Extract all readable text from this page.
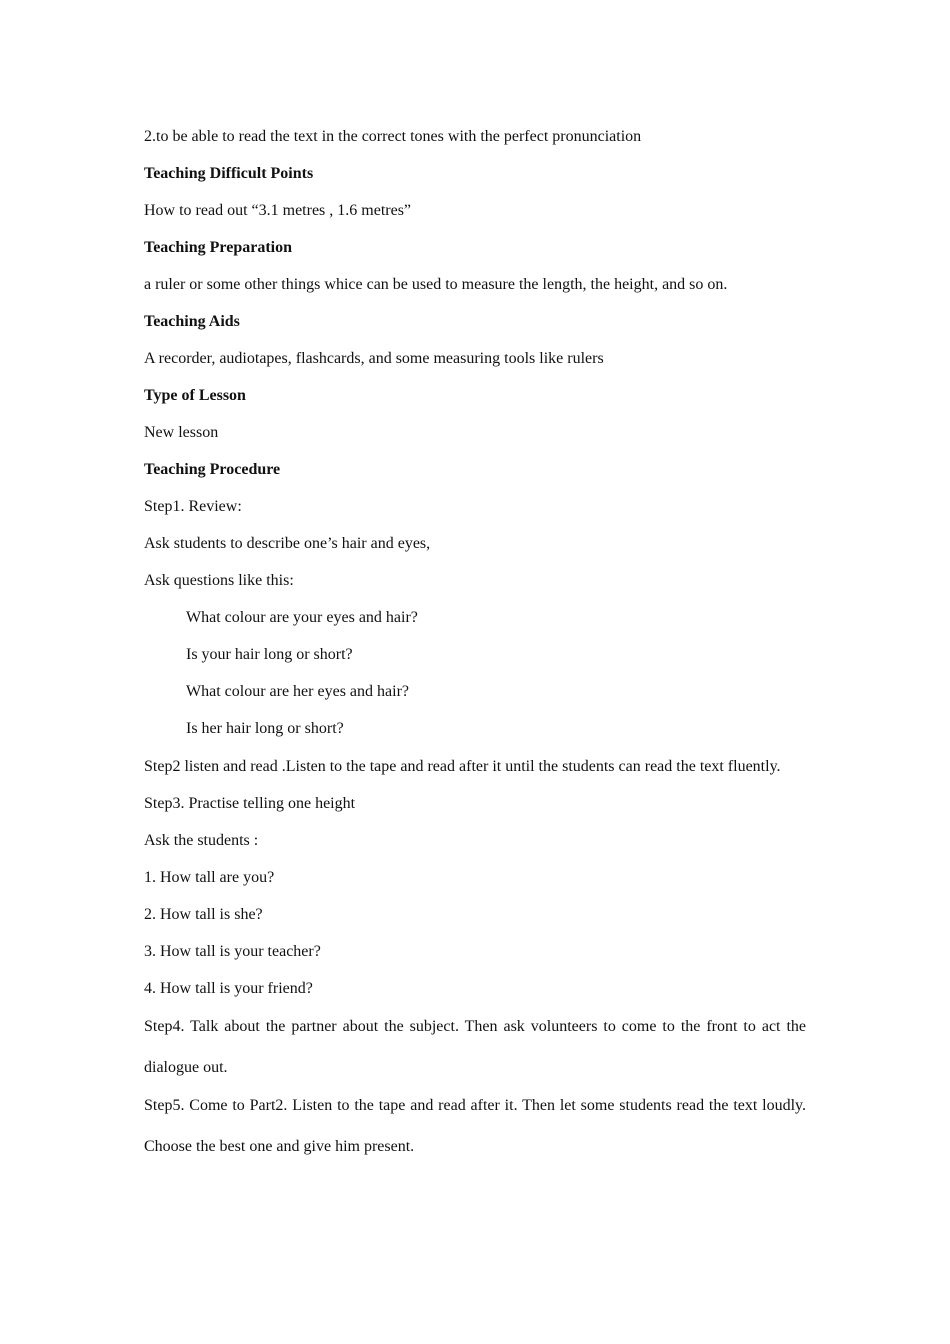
2.to be able to read the text in the correct tones with the perfect pronunciation
Teaching Difficult Points
How to read out “3.1 metres , 1.6 metres”
Teaching Preparation
a ruler or some other things whice can be used to measure the length, the height, and so on.
Teaching Aids
A recorder, audiotapes, flashcards, and some measuring tools like rulers
Type of Lesson
New lesson
Teaching Procedure
Step1. Review:
Ask students to describe one’s hair and eyes,
Ask questions like this:
What colour are your eyes and hair?
Is your hair long or short?
What colour are her eyes and hair?
Is her hair long or short?
Step2 listen and read .Listen to the tape and read after it until the students can read the text fluently.
Step3. Practise telling one height
Ask the students :
1. How tall are you?
2. How tall is she?
3. How tall is your teacher?
4. How tall is your friend?
Step4. Talk about the partner about the subject. Then ask volunteers to come to the front to act the dialogue out.
Step5. Come to Part2. Listen to the tape and read after it. Then let some students read the text loudly. Choose the best one and give him present.
